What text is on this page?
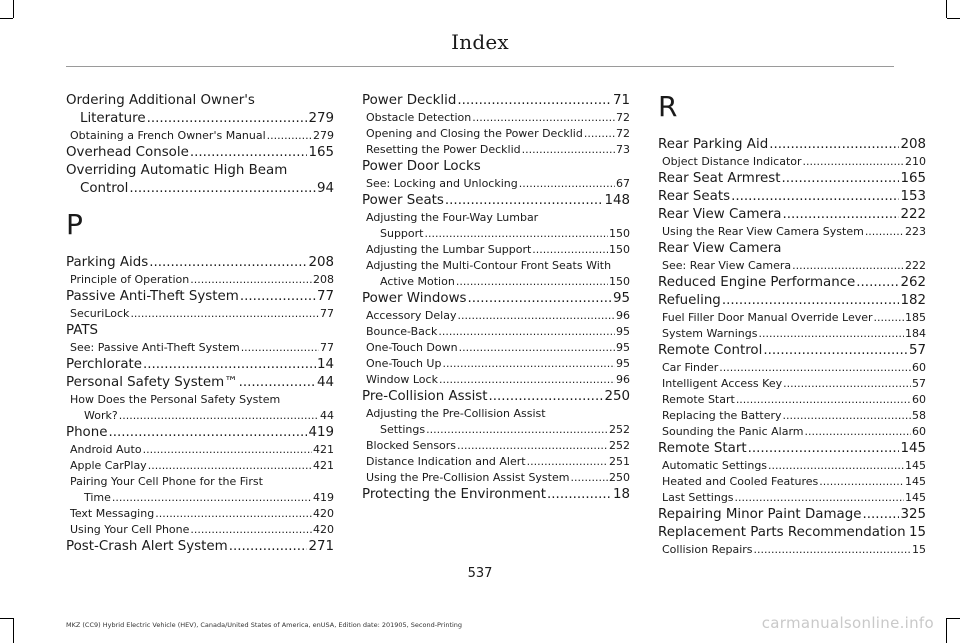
Index
Ordering Additional Owner's
Literature .....	279
Obtaining a French Owner's Manual .....	279
Overhead Console .....	165
Overriding Automatic High Beam
Control .....	94
P
Parking Aids .....	208
Principle of Operation .....	208
Passive Anti-Theft System .....	77
SecuriLock .....	77
PATS
See: Passive Anti-Theft System .....	77
Perchlorate .....	14
Personal Safety System™ .....	44
How Does the Personal Safety System
Work? .....	44
Phone .....	419
Android Auto .....	421
Apple CarPlay .....	421
Pairing Your Cell Phone for the First
Time .....	419
Text Messaging .....	420
Using Your Cell Phone .....	420
Post-Crash Alert System .....	271
Power Decklid .....	71
Obstacle Detection .....	72
Opening and Closing the Power Decklid .....	72
Resetting the Power Decklid .....	73
Power Door Locks
See: Locking and Unlocking .....	67
Power Seats .....	148
Adjusting the Four-Way Lumbar
Support .....	150
Adjusting the Lumbar Support .....	150
Adjusting the Multi-Contour Front Seats With
Active Motion .....	150
Power Windows .....	95
Accessory Delay .....	96
Bounce-Back .....	95
One-Touch Down .....	95
One-Touch Up .....	95
Window Lock .....	96
Pre-Collision Assist .....	250
Adjusting the Pre-Collision Assist
Settings .....	252
Blocked Sensors .....	252
Distance Indication and Alert .....	251
Using the Pre-Collision Assist System .....	250
Protecting the Environment .....	18
R
Rear Parking Aid .....	208
Object Distance Indicator .....	210
Rear Seat Armrest .....	165
Rear Seats .....	153
Rear View Camera .....	222
Using the Rear View Camera System .....	223
Rear View Camera
See: Rear View Camera .....	222
Reduced Engine Performance .....	262
Refueling .....	182
Fuel Filler Door Manual Override Lever .....	185
System Warnings .....	184
Remote Control .....	57
Car Finder .....	60
Intelligent Access Key .....	57
Remote Start .....	60
Replacing the Battery .....	58
Sounding the Panic Alarm .....	60
Remote Start .....	145
Automatic Settings .....	145
Heated and Cooled Features .....	145
Last Settings .....	145
Repairing Minor Paint Damage .....	325
Replacement Parts Recommendation ..... 15
Collision Repairs .....	15
537
MKZ (CC9) Hybrid Electric Vehicle (HEV), Canada/United States of America, enUSA, Edition date: 201905, Second-Printing	carmanualsonline.info
